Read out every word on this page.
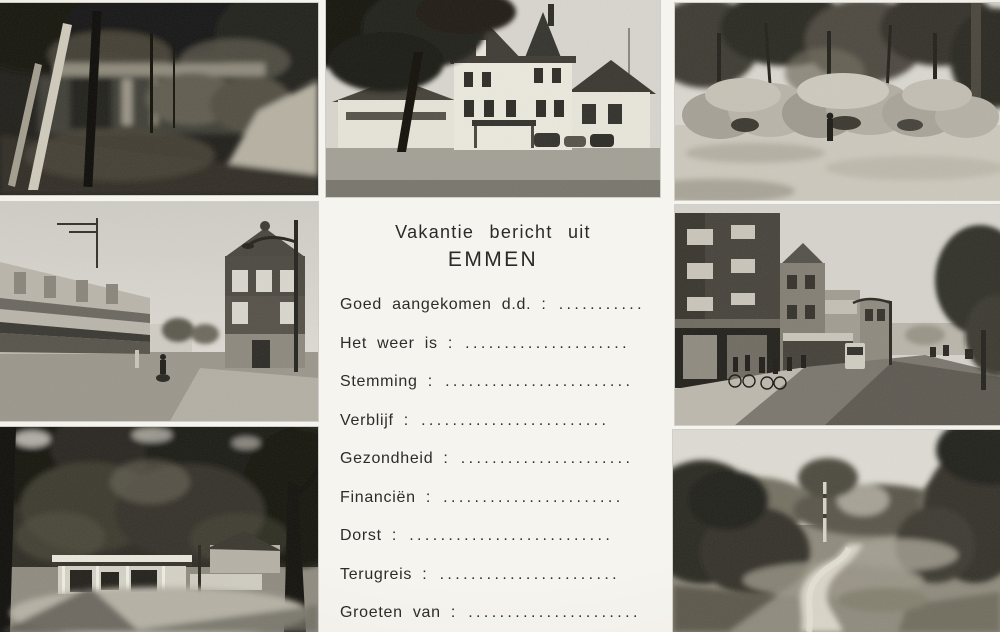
Vakantie bericht uit
EMMEN
Goed aangekomen d.d. : ...........
Het weer is : .....................
Stemming : ........................
Verblijf : ........................
Gezondheid : ......................
Financiën : .......................
Dorst : ..........................
Terugreis : .......................
Groeten van : ......................
